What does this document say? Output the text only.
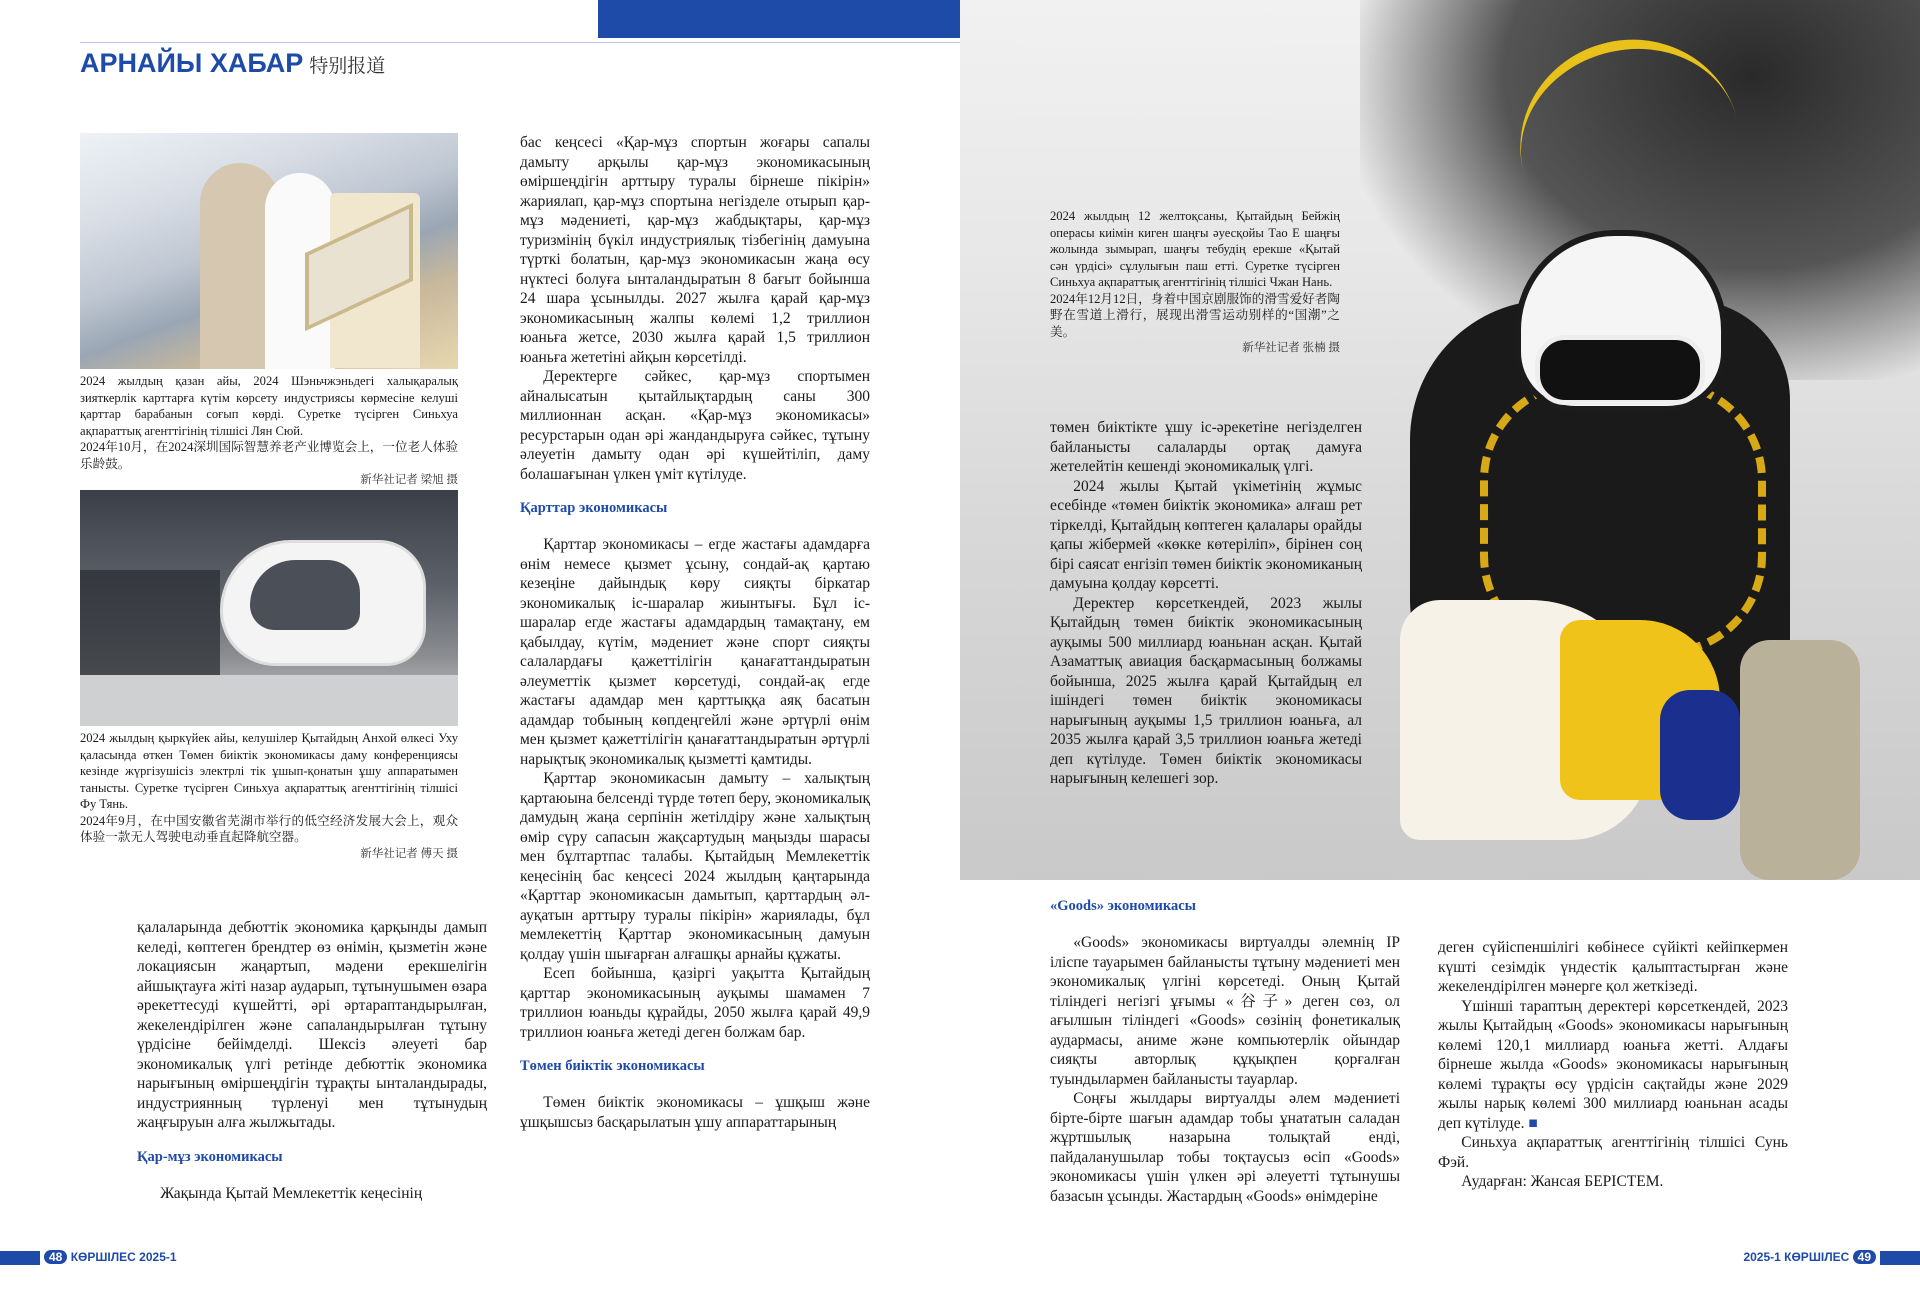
АРНАЙЫ ХАБАР 特别报道
2024 жылдың қазан айы, 2024 Шэньчжэньдегі халықаралық зияткерлік карттарға күтім көрсету индустриясы көрмесіне келуші қарттар барабанын соғып көрді. Суретке түсірген Синьхуа ақпараттық агенттігінің тілшісі Лян Сюй.
2024年10月，在2024深圳国际智慧养老产业博览会上，一位老人体验乐龄鼓。
新华社记者 梁旭 摄
2024 жылдың қыркүйек айы, келушілер Қытайдың Анхой өлкесі Уху қаласында өткен Төмен биіктік экономикасы даму конференциясы кезінде жүргізушісіз электрлі тік ұшып-қонатын ұшу аппаратымен танысты. Суретке түсірген Синьхуа ақпараттық агенттігінің тілшісі Фу Тянь.
2024年9月，在中国安徽省芜湖市举行的低空经济发展大会上，观众体验一款无人驾驶电动垂直起降航空器。
新华社记者 傅天 摄

қалаларында дебюттік экономика қарқынды дамып келеді, көптеген брендтер өз өнімін, қызметін және локациясын жаңартып, мәдени ерекшелігін айшықтауға жіті назар аударып, тұтынушымен өзара әрекеттесуді күшейтті, әрі әртараптандырылған, жекелендірілген және сапаландырылған тұтыну үрдісіне бейімделді. Шексіз әлеуеті бар экономикалық үлгі ретінде дебюттік экономика нарығының өміршеңдігін тұрақты ынталандырады, индустриянның түрленуі мен тұтынудың жаңғыруын алға жылжытады.

Қар-мұз экономикасы

Жақында Қытай Мемлекеттік кеңесінің

бас кеңсесі «Қар-мұз спортын жоғары сапалы дамыту арқылы қар-мұз экономикасының өміршеңдігін арттыру туралы бірнеше пікірін» жариялап, қар-мұз спортына негізделе отырып қар-мұз мәдениеті, қар-мұз жабдықтары, қар-мұз туризмінің бүкіл индустриялық тізбегінің дамуына түрткі болатын, қар-мұз экономикасын жаңа өсу нүктесі болуға ынталандыратын 8 бағыт бойынша 24 шара ұсынылды. 2027 жылға қарай қар-мұз экономикасының жалпы көлемі 1,2 триллион юаньға жетсе, 2030 жылға қарай 1,5 триллион юаньға жететіні айқын көрсетілді.

Деректерге сәйкес, қар-мұз спортымен айналысатын қытайлықтардың саны 300 миллионнан асқан. «Қар-мұз экономикасы» ресурстарын одан әрі жандандыруға сәйкес, тұтыну әлеуетін дамыту одан әрі күшейтіліп, даму болашағынан үлкен үміт күтілуде.

Қарттар экономикасы

Қарттар экономикасы – егде жастағы адамдарға өнім немесе қызмет ұсыну, сондай-ақ қартаю кезеңіне дайындық көру сияқты біркатар экономикалық іс-шаралар жиынтығы. Бұл іс-шаралар егде жастағы адамдардың тамақтану, ем қабылдау, күтім, мәдениет және спорт сияқты салалардағы қажеттілігін қанағаттандыратын әлеуметтік қызмет көрсетуді, сондай-ақ егде жастағы адамдар мен қарттыққа аяқ басатын адамдар тобының көпдеңгейлі және әртүрлі өнім мен қызмет қажеттілігін қанағаттандыратын әртүрлі нарықтық экономикалық қызметті қамтиды.

Қарттар экономикасын дамыту – халықтың қартаюына белсенді түрде төтеп беру, экономикалық дамудың жаңа серпінін жетілдіру және халықтың өмір сүру сапасын жақсартудың маңызды шарасы мен бұлтартпас талабы. Қытайдың Мемлекеттік кеңесінің бас кеңсесі 2024 жылдың қаңтарында «Қарттар экономикасын дамытып, қарттардың әл-ауқатын арттыру туралы пікірін» жариялады, бұл мемлекеттің Қарттар экономикасының дамуын қолдау үшін шығарған алғашқы арнайы құжаты.

Есеп бойынша, қазіргі уақытта Қытайдың қарттар экономикасының ауқымы шамамен 7 триллион юаньды құрайды, 2050 жылға қарай 49,9 триллион юаньға жетеді деген болжам бар.

Төмен биіктік экономикасы

Төмен биіктік экономикасы – ұшқыш және ұшқышсыз басқарылатын ұшу аппараттарының

2024 жылдың 12 желтоқсаны, Қытайдың Бейжің операсы киімін киген шаңғы әуесқойы Тао Е шаңғы жолында зымырап, шаңғы тебудің ерекше «Қытай сән үрдісі» сұлулығын паш етті. Суретке түсірген Синьхуа ақпараттық агенттігінің тілшісі Чжан Нань.
2024年12月12日，身着中国京剧服饰的滑雪爱好者陶野在雪道上滑行，展现出滑雪运动别样的“国潮”之美。
新华社记者 张楠 摄

төмен биіктікте ұшу іс-әрекетіне негізделген байланысты салаларды ортақ дамуға жетелейтін кешенді экономикалық үлгі.

2024 жылы Қытай үкіметінің жұмыс есебінде «төмен биіктік экономика» алғаш рет тіркелді, Қытайдың көптеген қалалары орайды қапы жібермей «көкке көтеріліп», бірінен соң бірі саясат енгізіп төмен биіктік экономиканың дамуына қолдау көрсетті.

Деректер көрсеткендей, 2023 жылы Қытайдың төмен биіктік экономикасының ауқымы 500 миллиард юаньнан асқан. Қытай Азаматтық авиация басқармасының болжамы бойынша, 2025 жылға қарай Қытайдың ел ішіндегі төмен биіктік экономикасы нарығының ауқымы 1,5 триллион юаньға, ал 2035 жылға қарай 3,5 триллион юаньға жетеді деп күтілуде. Төмен биіктік экономикасы нарығының келешегі зор.

«Goods» экономикасы

«Goods» экономикасы виртуалды әлемнің IP іліспе тауарымен байланысты тұтыну мәдениеті мен экономикалық үлгіні көрсетеді. Оның Қытай тіліндегі негізгі ұғымы «谷子» деген сөз, ол ағылшын тіліндегі «Goods» сөзінің фонетикалық аудармасы, аниме және компьютерлік ойындар сияқты авторлық құқықпен қорғалған туындылармен байланысты тауарлар.

Соңғы жылдары виртуалды әлем мәдениеті біртe-біртe шағын адамдар тобы ұнататын саладан жұртшылық назарына толықтай енді, пайдаланушылар тобы тоқтаусыз өсіп «Goods» экономикасы үшін үлкен әрі әлеуетті тұтынушы базасын ұсынды. Жастардың «Goods» өнімдеріне

деген сүйіспеншілігі көбінесе сүйікті кейіпкермен күшті сезімдік үндестік қалыптастырған және жекелендірілген мәнерге қол жеткізеді.

Үшінші тараптың деректері көрсеткендей, 2023 жылы Қытайдың «Goods» экономикасы нарығының көлемі 120,1 миллиард юаньға жетті. Алдағы бірнеше жылда «Goods» экономикасы нарығының көлемі тұрақты өсу үрдісін сақтайды және 2029 жылы нарық көлемі 300 миллиард юаньнан асады деп күтілуде. ■

Синьхуа ақпараттық агенттігінің тілшісі Сунь Фэй.

Аударған: Жансая БЕРІСТЕМ.

48 КӨРШІЛЕС 2025-1	2025-1 КӨРШІЛЕС 49
